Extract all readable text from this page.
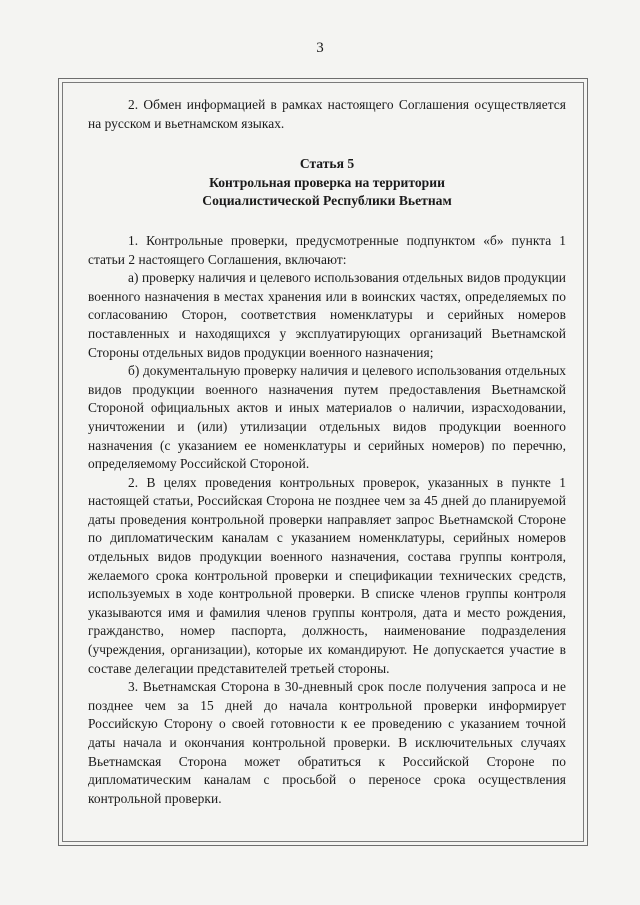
3

2. Обмен информацией в рамках настоящего Соглашения осуществляется на русском и вьетнамском языках.

Статья 5

Контрольная проверка на территории

Социалистической Республики Вьетнам

1. Контрольные проверки, предусмотренные подпунктом «б» пункта 1 статьи 2 настоящего Соглашения, включают:

а) проверку наличия и целевого использования отдельных видов продукции военного назначения в местах хранения или в воинских частях, определяемых по согласованию Сторон, соответствия номенклатуры и серийных номеров поставленных и находящихся у эксплуатирующих организаций Вьетнамской Стороны отдельных видов продукции военного назначения;

б) документальную проверку наличия и целевого использования отдельных видов продукции военного назначения путем предоставления Вьетнамской Стороной официальных актов и иных материалов о наличии, израсходовании, уничтожении и (или) утилизации отдельных видов продукции военного назначения (с указанием ее номенклатуры и серийных номеров) по перечню, определяемому Российской Стороной.

2. В целях проведения контрольных проверок, указанных в пункте 1 настоящей статьи, Российская Сторона не позднее чем за 45 дней до планируемой даты проведения контрольной проверки направляет запрос Вьетнамской Стороне по дипломатическим каналам с указанием номенклатуры, серийных номеров отдельных видов продукции военного назначения, состава группы контроля, желаемого срока контрольной проверки и спецификации технических средств, используемых в ходе контрольной проверки. В списке членов группы контроля указываются имя и фамилия членов группы контроля, дата и место рождения, гражданство, номер паспорта, должность, наименование подразделения (учреждения, организации), которые их командируют. Не допускается участие в составе делегации представителей третьей стороны.

3. Вьетнамская Сторона в 30-дневный срок после получения запроса и не позднее чем за 15 дней до начала контрольной проверки информирует Российскую Сторону о своей готовности к ее проведению с указанием точной даты начала и окончания контрольной проверки. В исключительных случаях Вьетнамская Сторона может обратиться к Российской Стороне по дипломатическим каналам с просьбой о переносе срока осуществления контрольной проверки.
